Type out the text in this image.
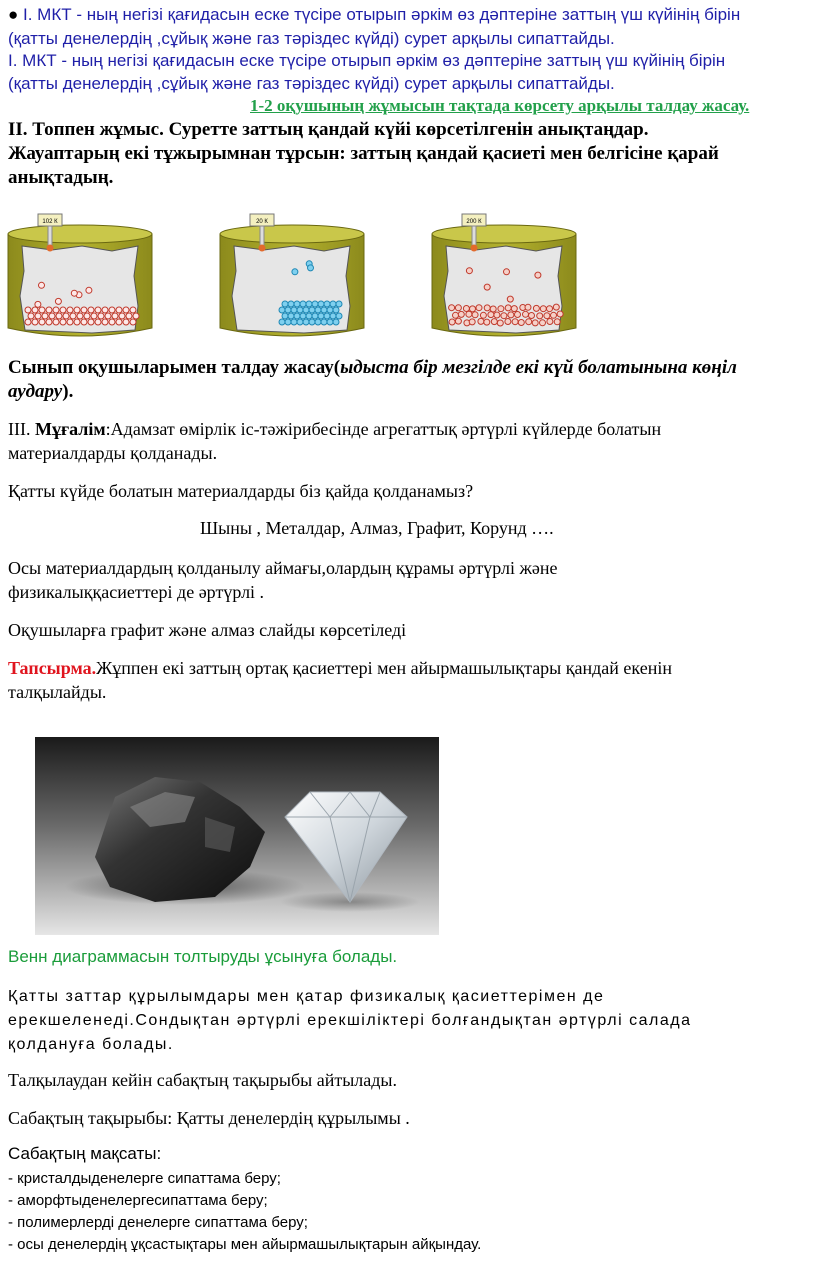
● I. МКТ - ның негізі қағидасын еске түсіре отырып әркім өз дәптеріне заттың үш күйінің бірін
(қатты денелердің ,сұйық және газ тәріздес күйді) сурет арқылы сипаттайды.
І. МКТ - ның негізі қағидасын еске түсіре отырып әркім өз дәптеріне заттың үш күйінің бірін
(қатты денелердің ,сұйық және газ тәріздес күйді) сурет арқылы сипаттайды.
1-2 оқушының жұмысын тақтада көрсету арқылы талдау жасау.
ІІ. Топпен жұмыс. Суретте заттың қандай күйі көрсетілгенін анықтаңдар.
Жауаптарың екі тұжырымнан тұрсын: заттың қандай қасиеті мен белгісіне қарай
анықтадың.
102 К	20 К	200 К
Сынып оқушыларымен талдау жасау(ыдыста бір мезгілде екі күй болатынына көңіл
аудару).
ІІІ. Мұғалім:Адамзат өмірлік іс-тәжірибесінде агрегаттық әртүрлі күйлерде болатын
материалдарды қолданады.
Қатты күйде болатын материалдарды біз қайда қолданамыз?
Шыны , Металдар, Алмаз, Графит, Корунд ….
Осы материалдардың қолданылу аймағы,олардың құрамы әртүрлі және
физикалыққасиеттері де әртүрлі .
Оқушыларға графит және алмаз слайды көрсетіледі
Тапсырма.Жұппен екі заттың ортақ қасиеттері мен айырмашылықтары қандай екенін
талқылайды.
Венн диаграммасын толтыруды ұсынуға болады.
Қатты заттар құрылымдары мен қатар физикалық қасиеттерімен де
ерекшеленеді.Сондықтан әртүрлі ерекшіліктері болғандықтан әртүрлі салада
қолдануға болады.
Талқылаудан кейін сабақтың тақырыбы айтылады.
Сабақтың тақырыбы: Қатты денелердің құрылымы .
Сабақтың мақсаты:
- кристалдыденелерге сипаттама беру;
- аморфтыденелергесипаттама беру;
- полимерлерді денелерге сипаттама беру;
- осы денелердің ұқсастықтары мен айырмашылықтарын айқындау.
